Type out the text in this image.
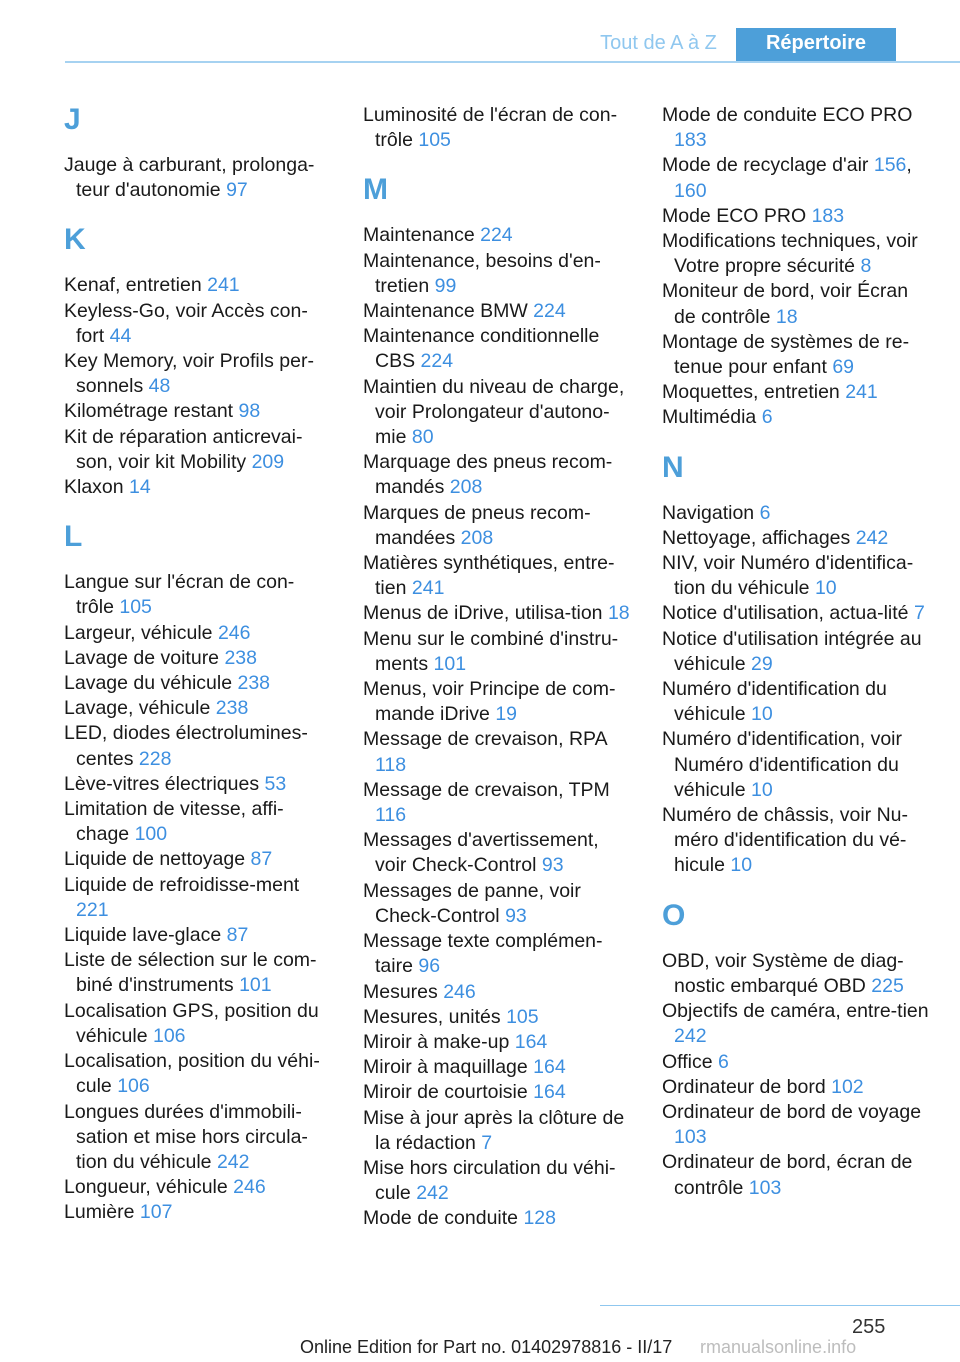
Tout de A à Z	Répertoire
J
Jauge à carburant, prolonga-teur d'autonomie 97
K
Kenaf, entretien 241
Keyless-Go, voir Accès con-fort 44
Key Memory, voir Profils per-sonnels 48
Kilométrage restant 98
Kit de réparation anticrevai-son, voir kit Mobility 209
Klaxon 14
L
Langue sur l'écran de con-trôle 105
Largeur, véhicule 246
Lavage de voiture 238
Lavage du véhicule 238
Lavage, véhicule 238
LED, diodes électrolumines-centes 228
Lève-vitres électriques 53
Limitation de vitesse, affi-chage 100
Liquide de nettoyage 87
Liquide de refroidisse-ment 221
Liquide lave-glace 87
Liste de sélection sur le com-biné d'instruments 101
Localisation GPS, position du véhicule 106
Localisation, position du véhi-cule 106
Longues durées d'immobili-sation et mise hors circula-tion du véhicule 242
Longueur, véhicule 246
Lumière 107
Luminosité de l'écran de con-trôle 105
M
Maintenance 224
Maintenance, besoins d'en-tretien 99
Maintenance BMW 224
Maintenance conditionnelle CBS 224
Maintien du niveau de charge, voir Prolongateur d'autono-mie 80
Marquage des pneus recom-mandés 208
Marques de pneus recom-mandées 208
Matières synthétiques, entre-tien 241
Menus de iDrive, utilisa-tion 18
Menu sur le combiné d'instru-ments 101
Menus, voir Principe de com-mande iDrive 19
Message de crevaison, RPA 118
Message de crevaison, TPM 116
Messages d'avertissement, voir Check-Control 93
Messages de panne, voir Check-Control 93
Message texte complémen-taire 96
Mesures 246
Mesures, unités 105
Miroir à make-up 164
Miroir à maquillage 164
Miroir de courtoisie 164
Mise à jour après la clôture de la rédaction 7
Mise hors circulation du véhi-cule 242
Mode de conduite 128
Mode de conduite ECO PRO 183
Mode de recyclage d'air 156, 160
Mode ECO PRO 183
Modifications techniques, voir Votre propre sécurité 8
Moniteur de bord, voir Écran de contrôle 18
Montage de systèmes de re-tenue pour enfant 69
Moquettes, entretien 241
Multimédia 6
N
Navigation 6
Nettoyage, affichages 242
NIV, voir Numéro d'identifica-tion du véhicule 10
Notice d'utilisation, actua-lité 7
Notice d'utilisation intégrée au véhicule 29
Numéro d'identification du véhicule 10
Numéro d'identification, voir Numéro d'identification du véhicule 10
Numéro de châssis, voir Nu-méro d'identification du vé-hicule 10
O
OBD, voir Système de diag-nostic embarqué OBD 225
Objectifs de caméra, entre-tien 242
Office 6
Ordinateur de bord 102
Ordinateur de bord de voyage 103
Ordinateur de bord, écran de contrôle 103
255
Online Edition for Part no. 01402978816 - II/17 rmanualsonline.info
